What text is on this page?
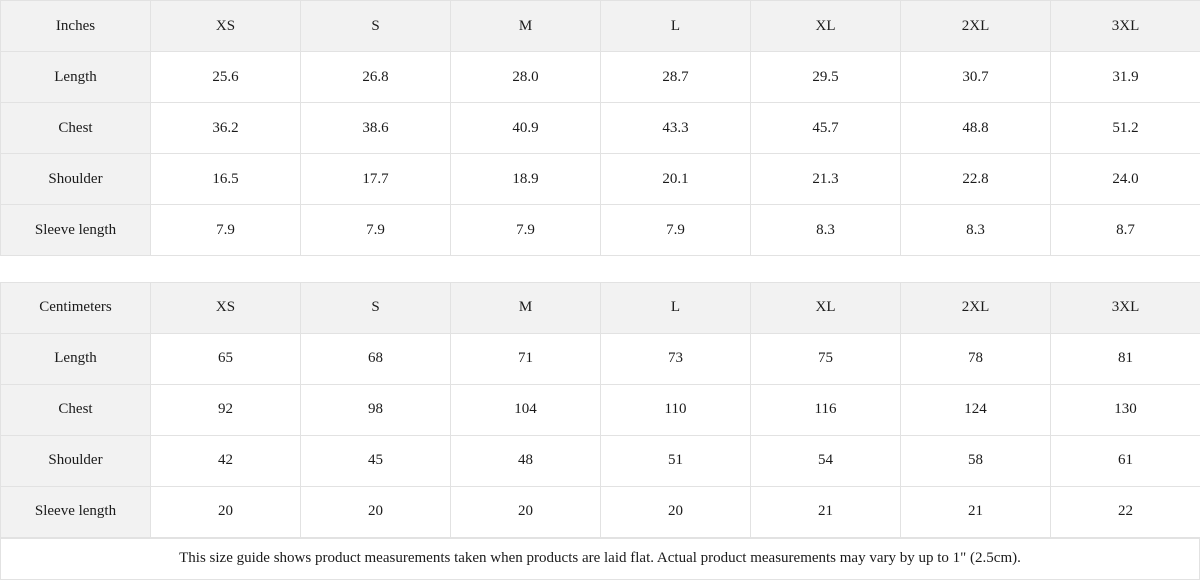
Inches	XS	S	M	L	XL	2XL	3XL
Length	25.6	26.8	28.0	28.7	29.5	30.7	31.9
Chest	36.2	38.6	40.9	43.3	45.7	48.8	51.2
Shoulder	16.5	17.7	18.9	20.1	21.3	22.8	24.0
Sleeve length	7.9	7.9	7.9	7.9	8.3	8.3	8.7
Centimeters	XS	S	M	L	XL	2XL	3XL
Length	65	68	71	73	75	78	81
Chest	92	98	104	110	116	124	130
Shoulder	42	45	48	51	54	58	61
Sleeve length	20	20	20	20	21	21	22
This size guide shows product measurements taken when products are laid flat. Actual product measurements may vary by up to 1" (2.5cm).
